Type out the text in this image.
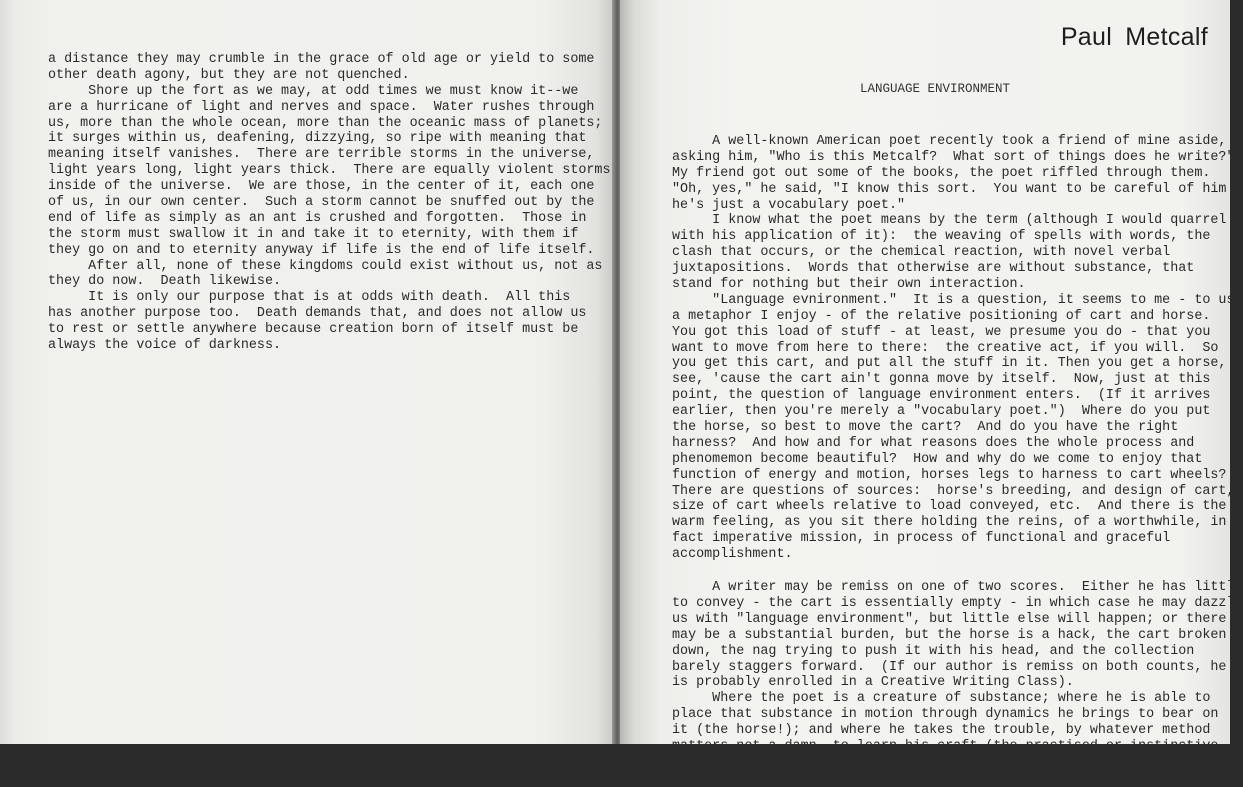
a distance they may crumble in the grace of old age or yield to some
other death agony, but they are not quenched.
Shore up the fort as we may, at odd times we must know it--we
are a hurricane of light and nerves and space.  Water rushes through
us, more than the whole ocean, more than the oceanic mass of planets;
it surges within us, deafening, dizzying, so ripe with meaning that
meaning itself vanishes.  There are terrible storms in the universe,
light years long, light years thick.  There are equally violent storms
inside of the universe.  We are those, in the center of it, each one
of us, in our own center.  Such a storm cannot be snuffed out by the
end of life as simply as an ant is crushed and forgotten.  Those in
the storm must swallow it in and take it to eternity, with them if
they go on and to eternity anyway if life is the end of life itself.
After all, none of these kingdoms could exist without us, not as
they do now.  Death likewise.
It is only our purpose that is at odds with death.  All this
has another purpose too.  Death demands that, and does not allow us
to rest or settle anywhere because creation born of itself must be
always the voice of darkness.
Paul Metcalf
LANGUAGE ENVIRONMENT
A well-known American poet recently took a friend of mine aside,
asking him, "Who is this Metcalf?  What sort of things does he write?"
My friend got out some of the books, the poet riffled through them.
"Oh, yes," he said, "I know this sort.  You want to be careful of him -
he's just a vocabulary poet."
I know what the poet means by the term (although I would quarrel
with his application of it):  the weaving of spells with words, the
clash that occurs, or the chemical reaction, with novel verbal
juxtapositions.  Words that otherwise are without substance, that
stand for nothing but their own interaction.
"Language evnironment."  It is a question, it seems to me - to use
a metaphor I enjoy - of the relative positioning of cart and horse.
You got this load of stuff - at least, we presume you do - that you
want to move from here to there:  the creative act, if you will.  So
you get this cart, and put all the stuff in it. Then you get a horse,
see, 'cause the cart ain't gonna move by itself.  Now, just at this
point, the question of language environment enters.  (If it arrives
earlier, then you're merely a "vocabulary poet.")  Where do you put
the horse, so best to move the cart?  And do you have the right
harness?  And how and for what reasons does the whole process and
phenomemon become beautiful?  How and why do we come to enjoy that
function of energy and motion, horses legs to harness to cart wheels?
There are questions of sources:  horse's breeding, and design of cart,
size of cart wheels relative to load conveyed, etc.  And there is the
warm feeling, as you sit there holding the reins, of a worthwhile, in
fact imperative mission, in process of functional and graceful
accomplishment.
A writer may be remiss on one of two scores.  Either he has little
to convey - the cart is essentially empty - in which case he may dazzle
us with "language environment", but little else will happen; or there
may be a substantial burden, but the horse is a hack, the cart broken
down, the nag trying to push it with his head, and the collection
barely staggers forward.  (If our author is remiss on both counts, he
is probably enrolled in a Creative Writing Class).
Where the poet is a creature of substance; where he is able to
place that substance in motion through dynamics he brings to bear on
it (the horse!); and where he takes the trouble, by whatever method
matters not a damn, to learn his craft (the practised or instinctive
eye that breeds the horse, designs the cart, selects the harness) -
then we have poetry, Olson is probably right when he says that we live
